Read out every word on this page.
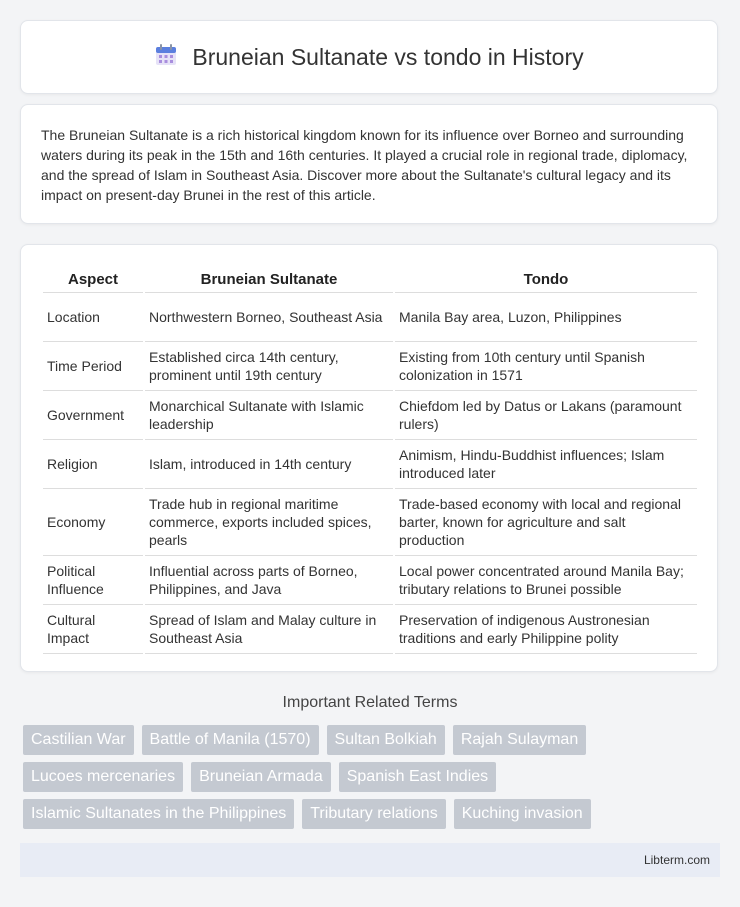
Bruneian Sultanate vs tondo in History

The Bruneian Sultanate is a rich historical kingdom known for its influence over Borneo and surrounding waters during its peak in the 15th and 16th centuries. It played a crucial role in regional trade, diplomacy, and the spread of Islam in Southeast Asia. Discover more about the Sultanate's cultural legacy and its impact on present-day Brunei in the rest of this article.

Aspect	Bruneian Sultanate	Tondo
Location	Northwestern Borneo, Southeast Asia	Manila Bay area, Luzon, Philippines
Time Period	Established circa 14th century, prominent until 19th century	Existing from 10th century until Spanish colonization in 1571
Government	Monarchical Sultanate with Islamic leadership	Chiefdom led by Datus or Lakans (paramount rulers)
Religion	Islam, introduced in 14th century	Animism, Hindu-Buddhist influences; Islam introduced later
Economy	Trade hub in regional maritime commerce, exports included spices, pearls	Trade-based economy with local and regional barter, known for agriculture and salt production
Political Influence	Influential across parts of Borneo, Philippines, and Java	Local power concentrated around Manila Bay; tributary relations to Brunei possible
Cultural Impact	Spread of Islam and Malay culture in Southeast Asia	Preservation of indigenous Austronesian traditions and early Philippine polity
Important Related Terms
Castilian War	Battle of Manila (1570)	Sultan Bolkiah	Rajah Sulayman
Lucoes mercenaries	Bruneian Armada	Spanish East Indies
Islamic Sultanates in the Philippines	Tributary relations	Kuching invasion
Libterm.com
